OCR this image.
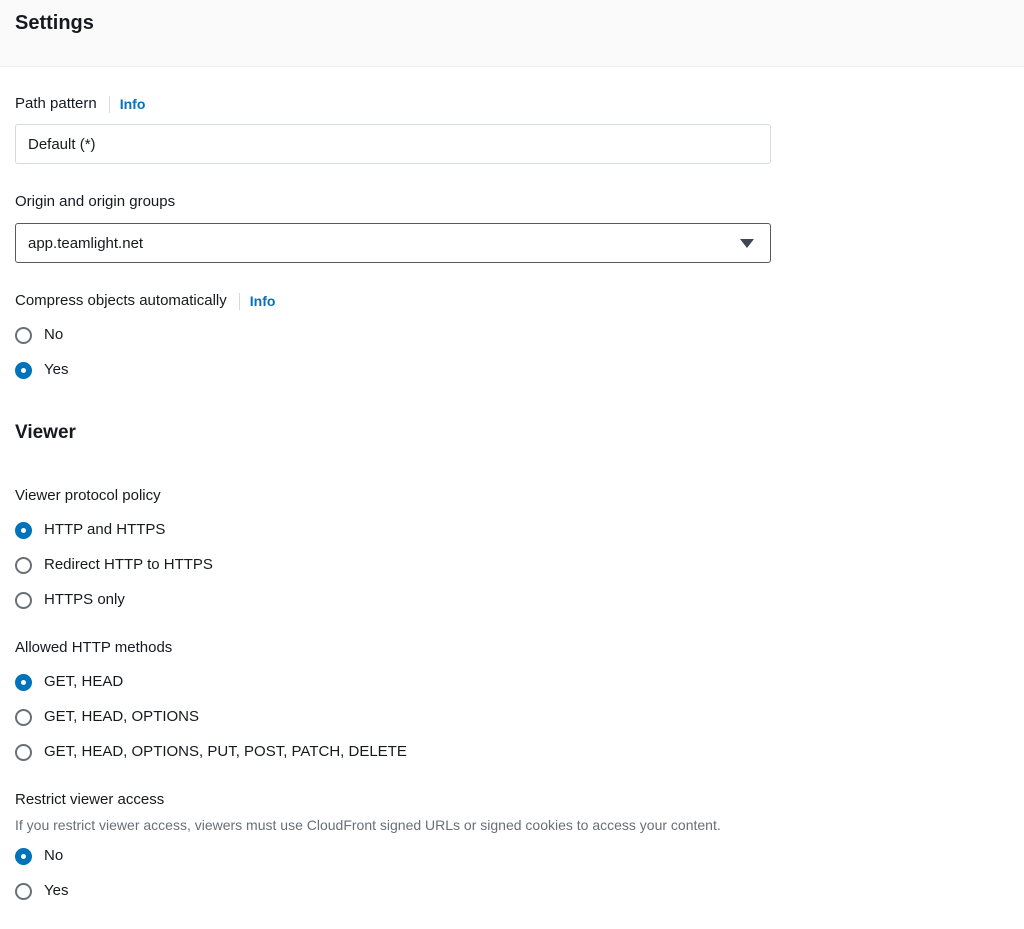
Settings
Path pattern Info
Default (*)
Origin and origin groups
app.teamlight.net
Compress objects automatically Info
No
Yes
Viewer
Viewer protocol policy
HTTP and HTTPS
Redirect HTTP to HTTPS
HTTPS only
Allowed HTTP methods
GET, HEAD
GET, HEAD, OPTIONS
GET, HEAD, OPTIONS, PUT, POST, PATCH, DELETE
Restrict viewer access
If you restrict viewer access, viewers must use CloudFront signed URLs or signed cookies to access your content.
No
Yes
